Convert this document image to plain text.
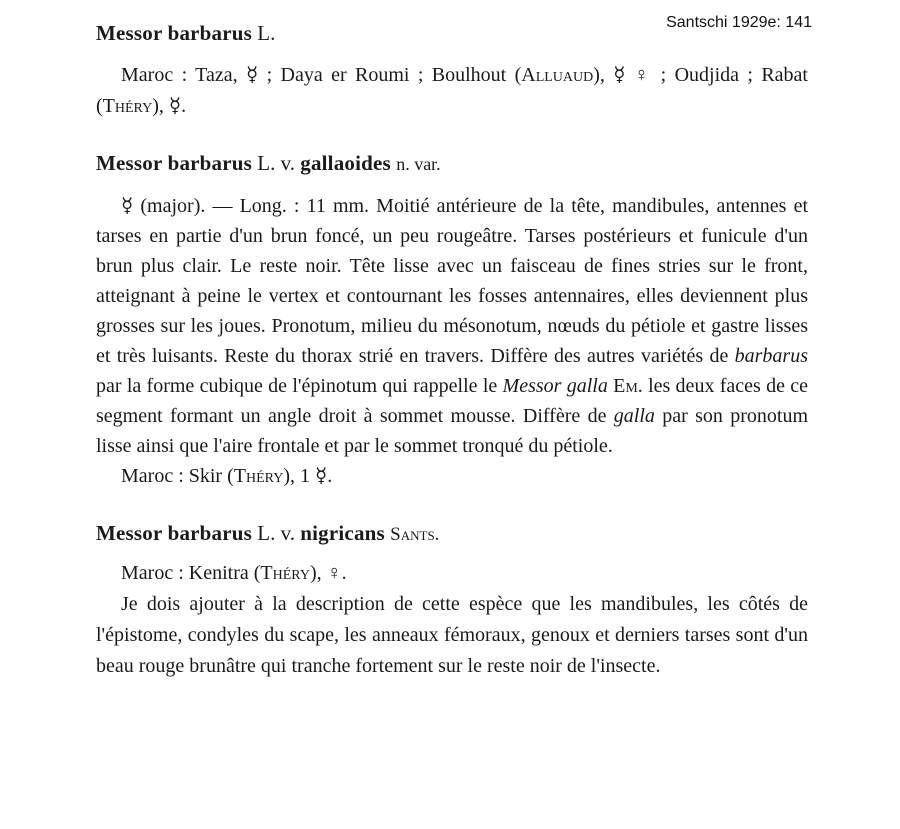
Santschi 1929e: 141

Messor barbarus L.

Maroc : Taza, ☿ ; Daya er Roumi ; Boulhout (Alluaud), ☿ ♀ ; Oudjida ; Rabat (Théry), ☿.

Messor barbarus L. v. gallaoides n. var.

☿ (major). — Long. : 11 mm. Moitié antérieure de la tête, mandibules, antennes et tarses en partie d'un brun foncé, un peu rougeâtre. Tarses postérieurs et funicule d'un brun plus clair. Le reste noir. Tête lisse avec un faisceau de fines stries sur le front, atteignant à peine le vertex et contournant les fosses antennaires, elles deviennent plus grosses sur les joues. Pronotum, milieu du mésonotum, nœuds du pétiole et gastre lisses et très luisants. Reste du thorax strié en travers. Diffère des autres variétés de barbarus par la forme cubique de l'épinotum qui rappelle le Messor galla Em. les deux faces de ce segment formant un angle droit à sommet mousse. Diffère de galla par son pronotum lisse ainsi que l'aire frontale et par le sommet tronqué du pétiole.

Maroc : Skir (Théry), 1 ☿.

Messor barbarus L. v. nigricans Sants.

Maroc : Kenitra (Théry), ♀.

Je dois ajouter à la description de cette espèce que les mandibules, les côtés de l'épistome, condyles du scape, les anneaux fémoraux, genoux et derniers tarses sont d'un beau rouge brunâtre qui tranche fortement sur le reste noir de l'insecte.
